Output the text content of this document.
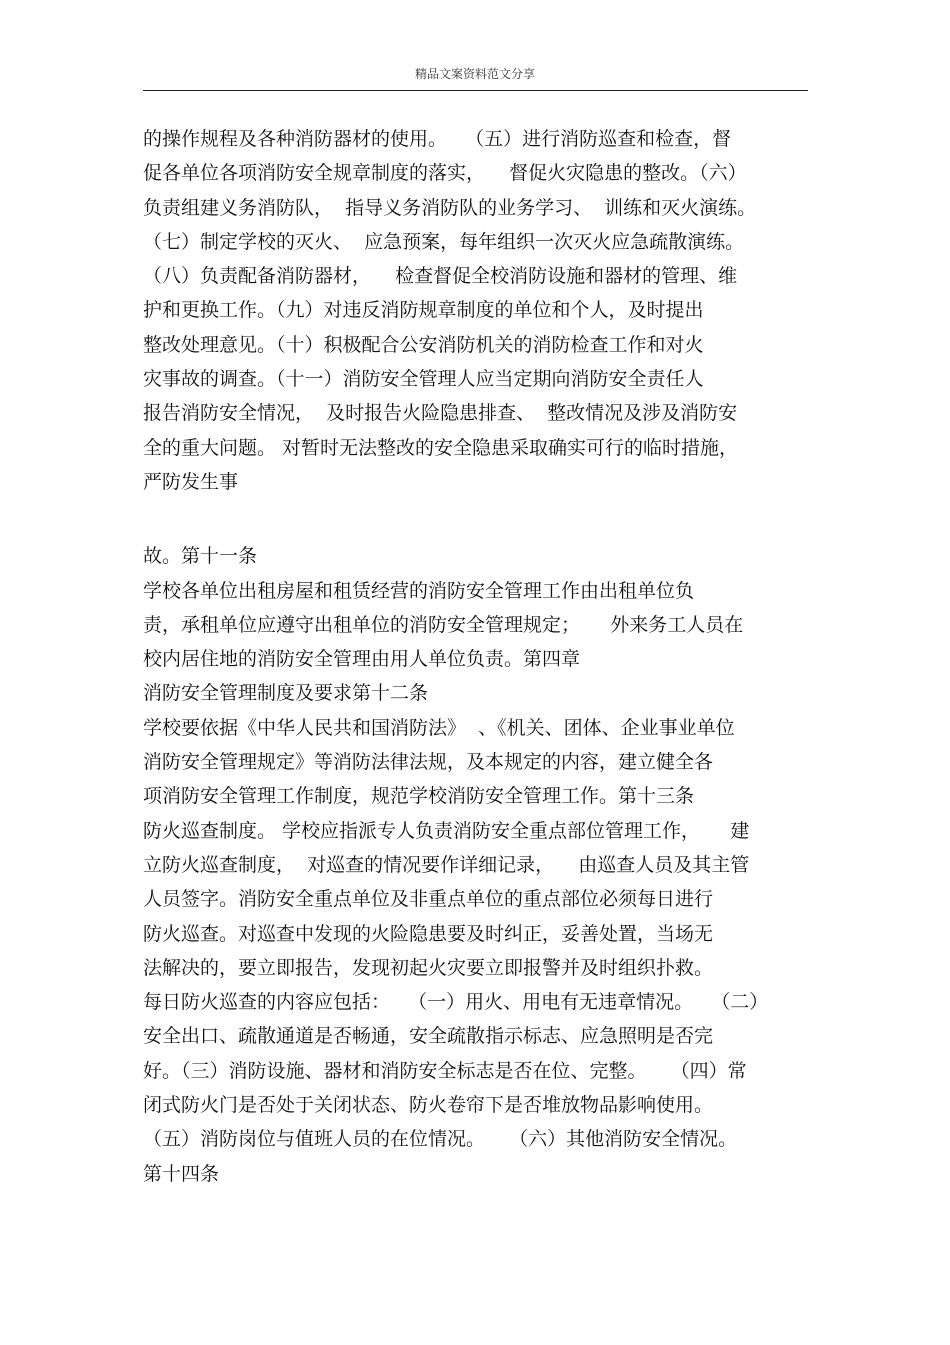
精品文案资料范文分享
的操作规程及各种消防器材的使用。   （五）进行消防巡查和检查，督
促各单位各项消防安全规章制度的落实，    督促火灾隐患的整改。（六）
负责组建义务消防队，  指导义务消防队的业务学习、  训练和灭火演练。
（七）制定学校的灭火、  应急预案，每年组织一次灭火应急疏散演练。
（八）负责配备消防器材，    检查督促全校消防设施和器材的管理、维
护和更换工作。（九）对违反消防规章制度的单位和个人，及时提出
整改处理意见。（十）积极配合公安消防机关的消防检查工作和对火
灾事故的调查。（十一）消防安全管理人应当定期向消防安全责任人
报告消防安全情况，  及时报告火险隐患排查、  整改情况及涉及消防安
全的重大问题。 对暂时无法整改的安全隐患采取确实可行的临时措施，
严防发生事
故。第十一条
学校各单位出租房屋和租赁经营的消防安全管理工作由出租单位负
责，承租单位应遵守出租单位的消防安全管理规定；     外来务工人员在
校内居住地的消防安全管理由用人单位负责。第四章
消防安全管理制度及要求第十二条
学校要依据《中华人民共和国消防法》  、《机关、团体、企业事业单位
消防安全管理规定》等消防法律法规，及本规定的内容，建立健全各
项消防安全管理工作制度，规范学校消防安全管理工作。第十三条
防火巡查制度。 学校应指派专人负责消防安全重点部位管理工作，     建
立防火巡查制度，  对巡查的情况要作详细记录，    由巡查人员及其主管
人员签字。消防安全重点单位及非重点单位的重点部位必须每日进行
防火巡查。对巡查中发现的火险隐患要及时纠正，妥善处置，当场无
法解决的，要立即报告，发现初起火灾要立即报警并及时组织扑救。
每日防火巡查的内容应包括：   （一）用火、用电有无违章情况。   （二）
安全出口、疏散通道是否畅通，安全疏散指示标志、应急照明是否完
好。（三）消防设施、器材和消防安全标志是否在位、完整。    （四）常
闭式防火门是否处于关闭状态、防火卷帘下是否堆放物品影响使用。
（五）消防岗位与值班人员的在位情况。    （六）其他消防安全情况。
第十四条
